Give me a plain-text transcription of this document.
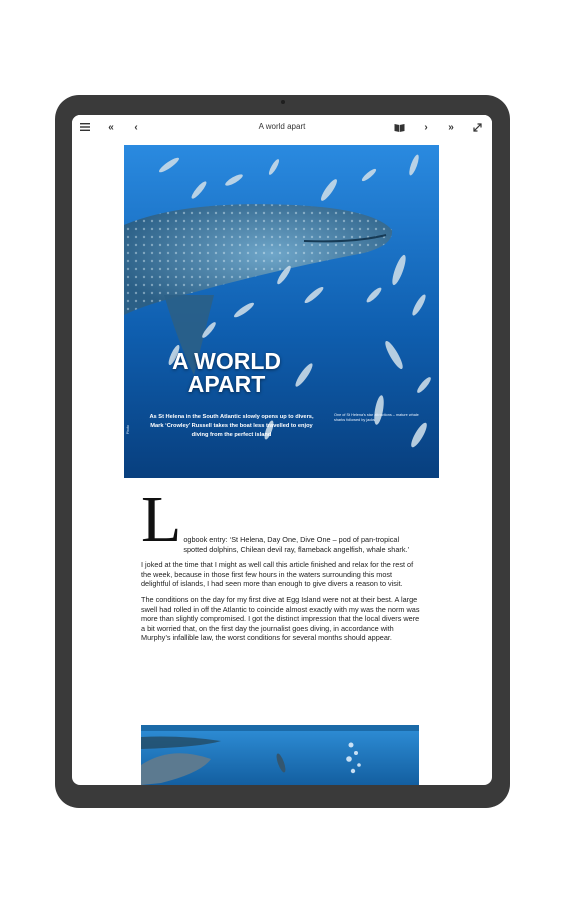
«	‹	A world apart	›	»
A WORLD
APART
As St Helena in the South Atlantic slowly opens up to divers, Mark ‘Crowley’ Russell takes the boat less travelled to enjoy diving from the perfect island
One of St Helena’s star attractions – mature whale sharks followed by jacks
Photo
L ogbook entry: ‘St Helena, Day One, Dive One – pod of pan-tropical spotted dolphins, Chilean devil ray, flameback angelfish, whale shark.’

I joked at the time that I might as well call this article finished and relax for the rest of the week, because in those first few hours in the waters surrounding this most delightful of islands, I had seen more than enough to give divers a reason to visit.

The conditions on the day for my first dive at Egg Island were not at their best. A large swell had rolled in off the Atlantic to coincide almost exactly with my was the norm was more than slightly compromised. I got the distinct impression that the local divers were a bit worried that, on the first day the journalist goes diving, in accordance with Murphy’s infallible law, the worst conditions for several months should appear.
